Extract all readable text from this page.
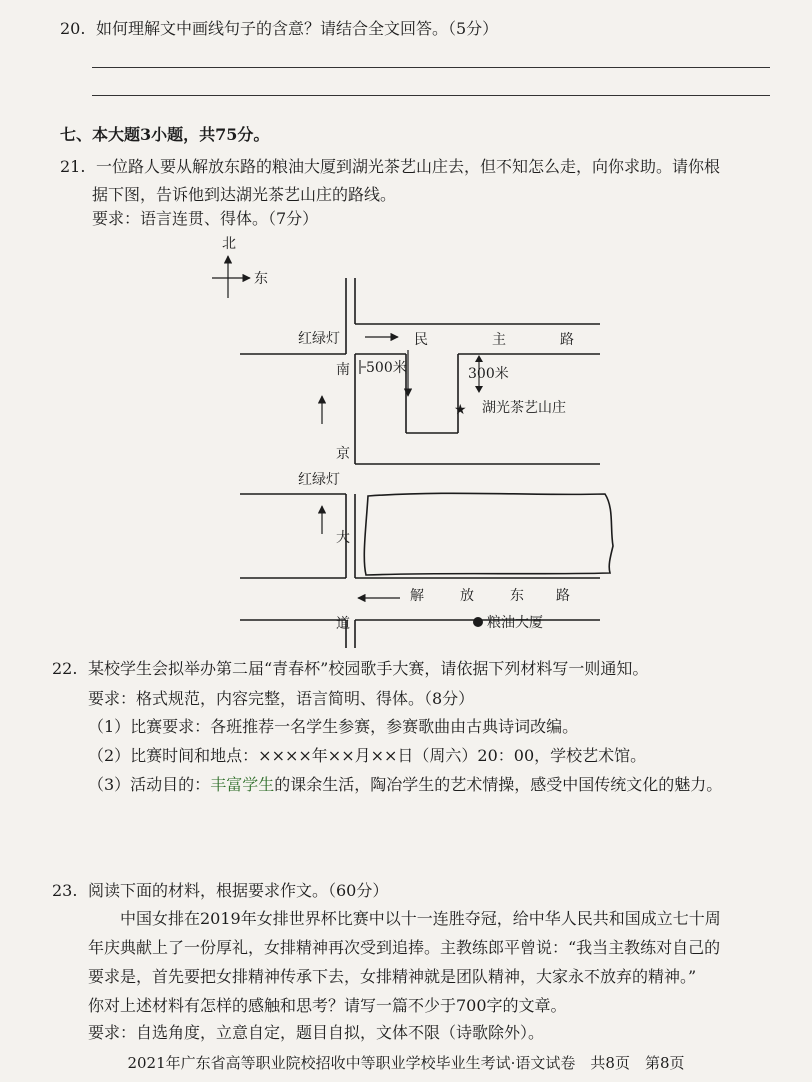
20. 如何理解文中画线句子的含意？请结合全文回答。（5分）
七、本大题3小题，共75分。
21. 一位路人要从解放东路的粮油大厦到湖光茶艺山庄去，但不知怎么走，向你求助。请你根
据下图，告诉他到达湖光茶艺山庄的路线。
要求：语言连贯、得体。（7分）
北
东
500米	300米
红绿灯
红绿灯
民	主	路
南
京
大
道
解	放	东 路
★ 湖光茶艺山庄
粮油大厦
22. 某校学生会拟举办第二届“青春杯”校园歌手大赛，请依据下列材料写一则通知。
要求：格式规范，内容完整，语言简明、得体。（8分）
（1）比赛要求：各班推荐一名学生参赛，参赛歌曲由古典诗词改编。
（2）比赛时间和地点：××××年××月××日（周六）20：00，学校艺术馆。
（3）活动目的：丰富学生的课余生活，陶冶学生的艺术情操，感受中国传统文化的魅力。
23. 阅读下面的材料，根据要求作文。（60分）
中国女排在2019年女排世界杯比赛中以十一连胜夺冠，给中华人民共和国成立七十周
年庆典献上了一份厚礼，女排精神再次受到追捧。主教练郎平曾说：“我当主教练对自己的
要求是，首先要把女排精神传承下去，女排精神就是团队精神，大家永不放弃的精神。”
你对上述材料有怎样的感触和思考？请写一篇不少于700字的文章。
要求：自选角度，立意自定，题目自拟，文体不限（诗歌除外）。
2021年广东省高等职业院校招收中等职业学校毕业生考试·语文试卷　共8页　第8页
